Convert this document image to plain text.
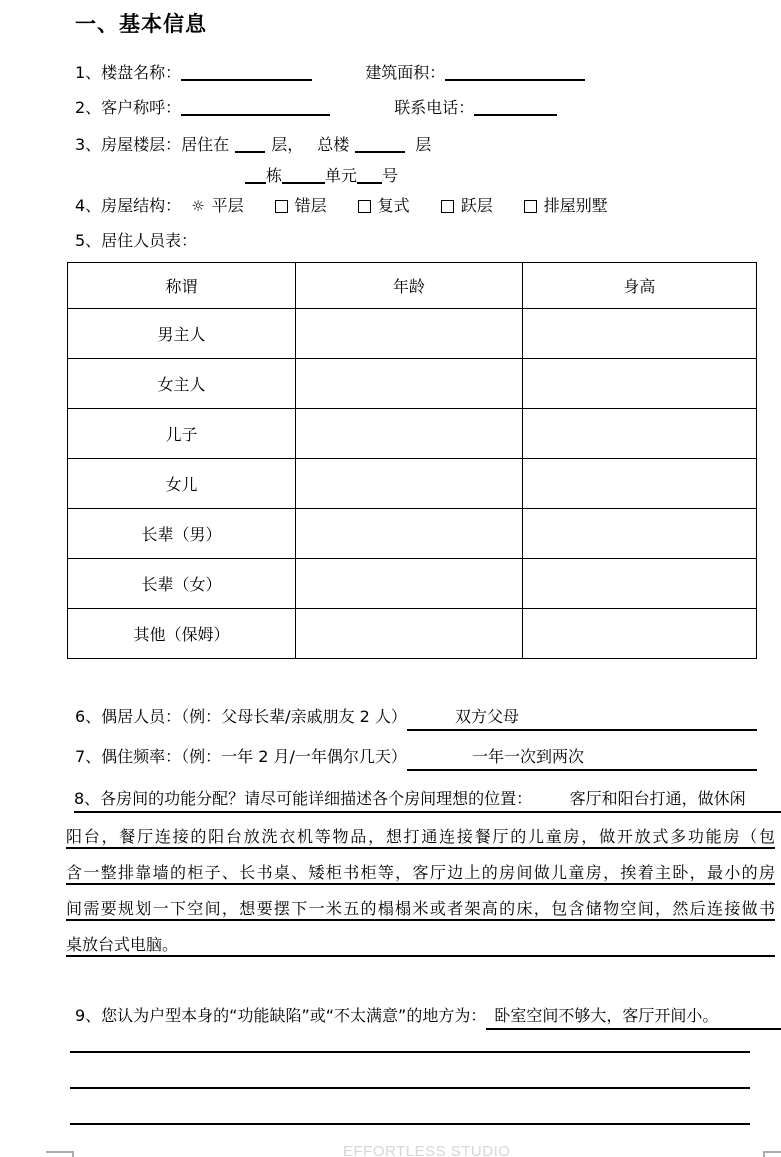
一、基本信息
1、楼盘名称：	建筑面积：
2、客户称呼：	联系电话：
3、房屋楼层：居住在	层， 总楼	层
栋	单元 号
4、房屋结构： ☼ 平层	错层	复式	跃层	排屋别墅
5、居住人员表：
称谓	年龄	身高
男主人		
女主人		
儿子		
女儿		
长辈（男）		
长辈（女）		
其他（保姆）		
6、偶居人员：（例：父母长辈/亲戚朋友 2 人）	双方父母
7、偶住频率：（例：一年 2 月/一年偶尔几天）	一年一次到两次
8、各房间的功能分配？请尽可能详细描述各个房间理想的位置：	客厅和阳台打通，做休闲
阳台，餐厅连接的阳台放洗衣机等物品，想打通连接餐厅的儿童房，做开放式多功能房（包
含一整排靠墙的柜子、长书桌、矮柜书柜等，客厅边上的房间做儿童房，挨着主卧，最小的房
间需要规划一下空间，想要摆下一米五的榻榻米或者架高的床，包含储物空间，然后连接做书
桌放台式电脑。
9、您认为户型本身的“功能缺陷”或“不太满意”的地方为： 卧室空间不够大，客厅开间小。
EFFORTLESS STUDIO
